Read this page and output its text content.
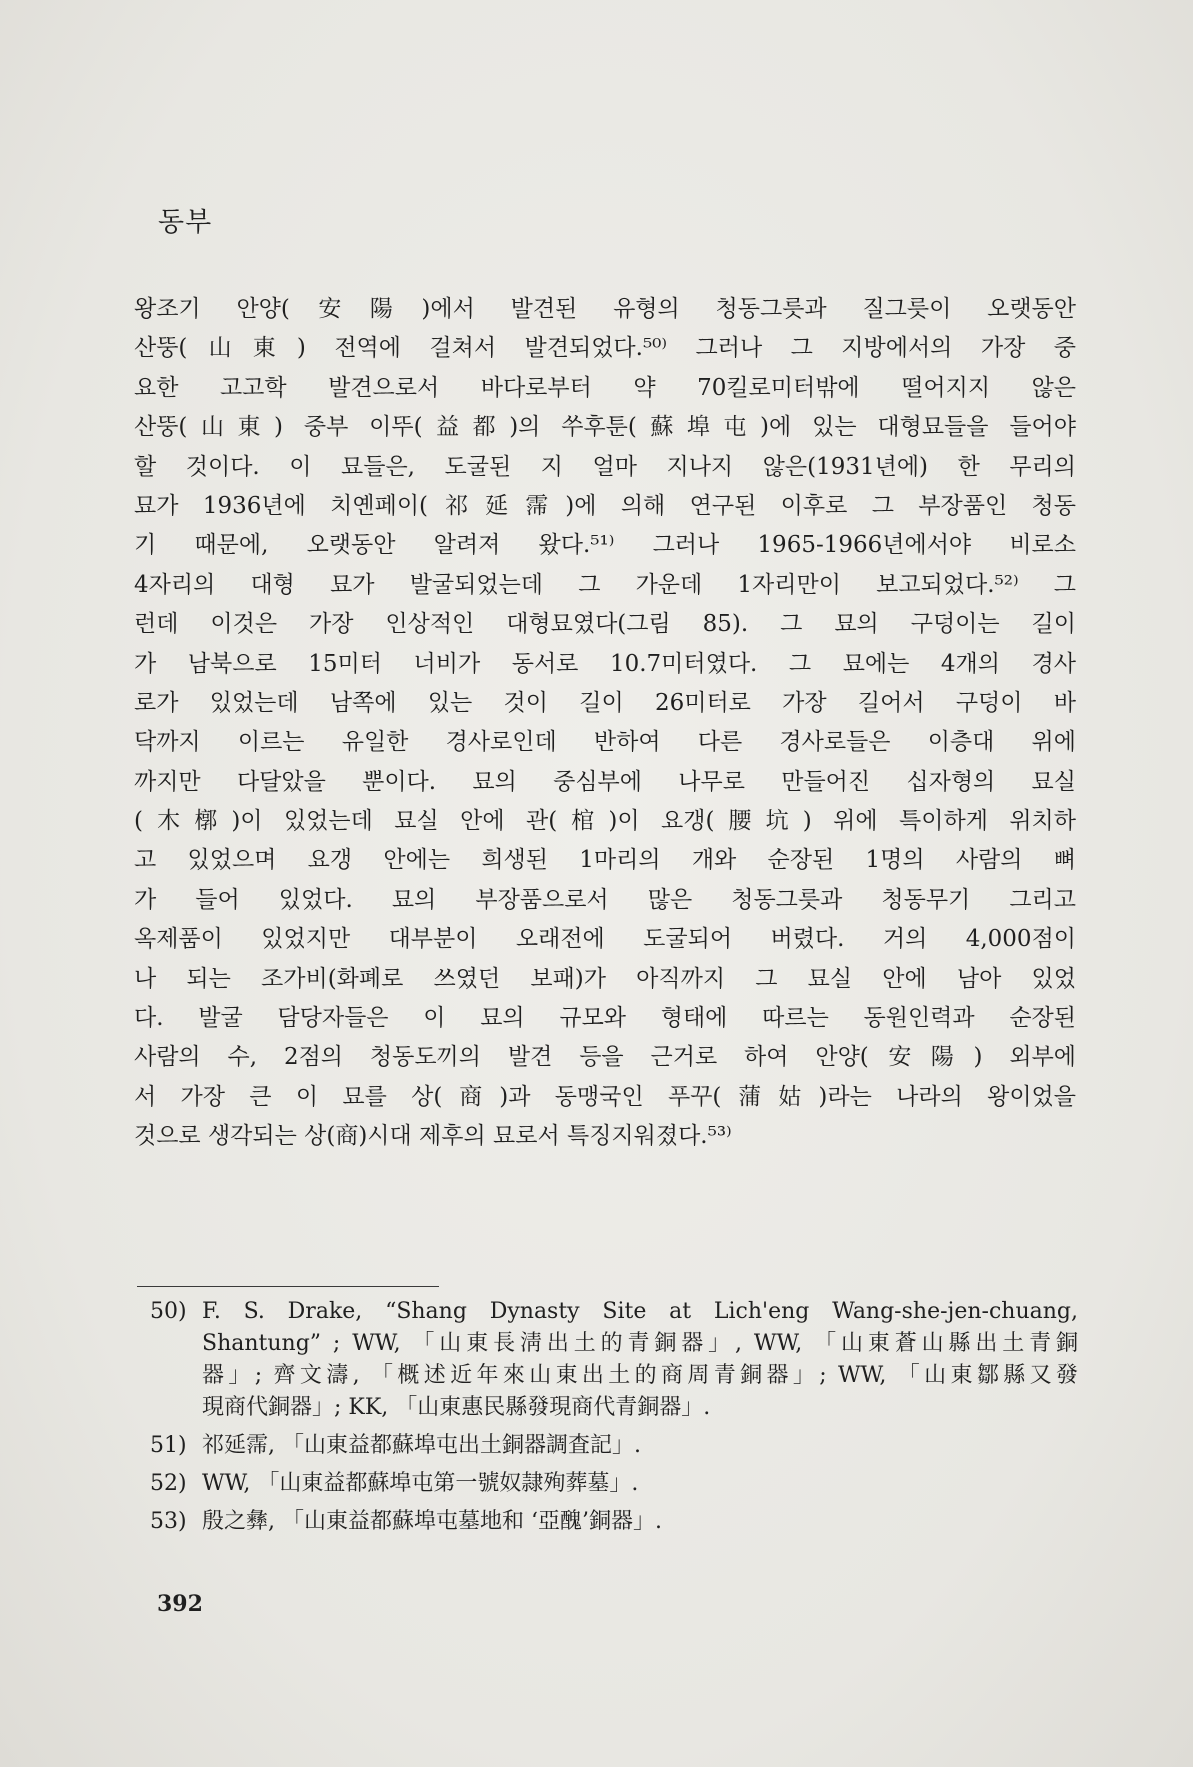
동부
왕조기 안양(安陽)에서 발견된 유형의 청동그릇과 질그릇이 오랫동안
산뚱(山東) 전역에 걸쳐서 발견되었다.⁵⁰⁾ 그러나 그 지방에서의 가장 중
요한 고고학 발견으로서 바다로부터 약 70킬로미터밖에 떨어지지 않은
산뚱(山東) 중부 이뚜(益都)의 쑤후툰(蘇埠屯)에 있는 대형묘들을 들어야
할 것이다. 이 묘들은, 도굴된 지 얼마 지나지 않은(1931년에) 한 무리의
묘가 1936년에 치옌페이(祁延霈)에 의해 연구된 이후로 그 부장품인 청동
기 때문에, 오랫동안 알려져 왔다.⁵¹⁾ 그러나 1965-1966년에서야 비로소
4자리의 대형 묘가 발굴되었는데 그 가운데 1자리만이 보고되었다.⁵²⁾ 그
런데 이것은 가장 인상적인 대형묘였다(그림 85). 그 묘의 구덩이는 길이
가 남북으로 15미터 너비가 동서로 10.7미터였다. 그 묘에는 4개의 경사
로가 있었는데 남쪽에 있는 것이 길이 26미터로 가장 길어서 구덩이 바
닥까지 이르는 유일한 경사로인데 반하여 다른 경사로들은 이층대 위에
까지만 다달았을 뿐이다. 묘의 중심부에 나무로 만들어진 십자형의 묘실
(木槨)이 있었는데 묘실 안에 관(棺)이 요갱(腰坑) 위에 특이하게 위치하
고 있었으며 요갱 안에는 희생된 1마리의 개와 순장된 1명의 사람의 뼈
가 들어 있었다. 묘의 부장품으로서 많은 청동그릇과 청동무기 그리고
옥제품이 있었지만 대부분이 오래전에 도굴되어 버렸다. 거의 4,000점이
나 되는 조가비(화폐로 쓰였던 보패)가 아직까지 그 묘실 안에 남아 있었
다. 발굴 담당자들은 이 묘의 규모와 형태에 따르는 동원인력과 순장된
사람의 수, 2점의 청동도끼의 발견 등을 근거로 하여 안양(安陽) 외부에
서 가장 큰 이 묘를 상(商)과 동맹국인 푸꾸(蒲姑)라는 나라의 왕이었을
것으로 생각되는 상(商)시대 제후의 묘로서 특징지워졌다.⁵³⁾
50) F. S. Drake, “Shang Dynasty Site at Lich'eng Wang-she-jen-chuang,
Shantung” ; WW, 「山東長淸出土的青銅器」, WW, 「山東蒼山縣出土青銅
器」; 齊文濤, 「概述近年來山東出土的商周青銅器」; WW, 「山東鄒縣又發
現商代銅器」; KK, 「山東惠民縣發現商代青銅器」.
51) 祁延霈, 「山東益都蘇埠屯出土銅器調査記」.
52) WW, 「山東益都蘇埠屯第一號奴隷殉葬墓」.
53) 殷之彝, 「山東益都蘇埠屯墓地和 ‘亞醜’銅器」.
392
